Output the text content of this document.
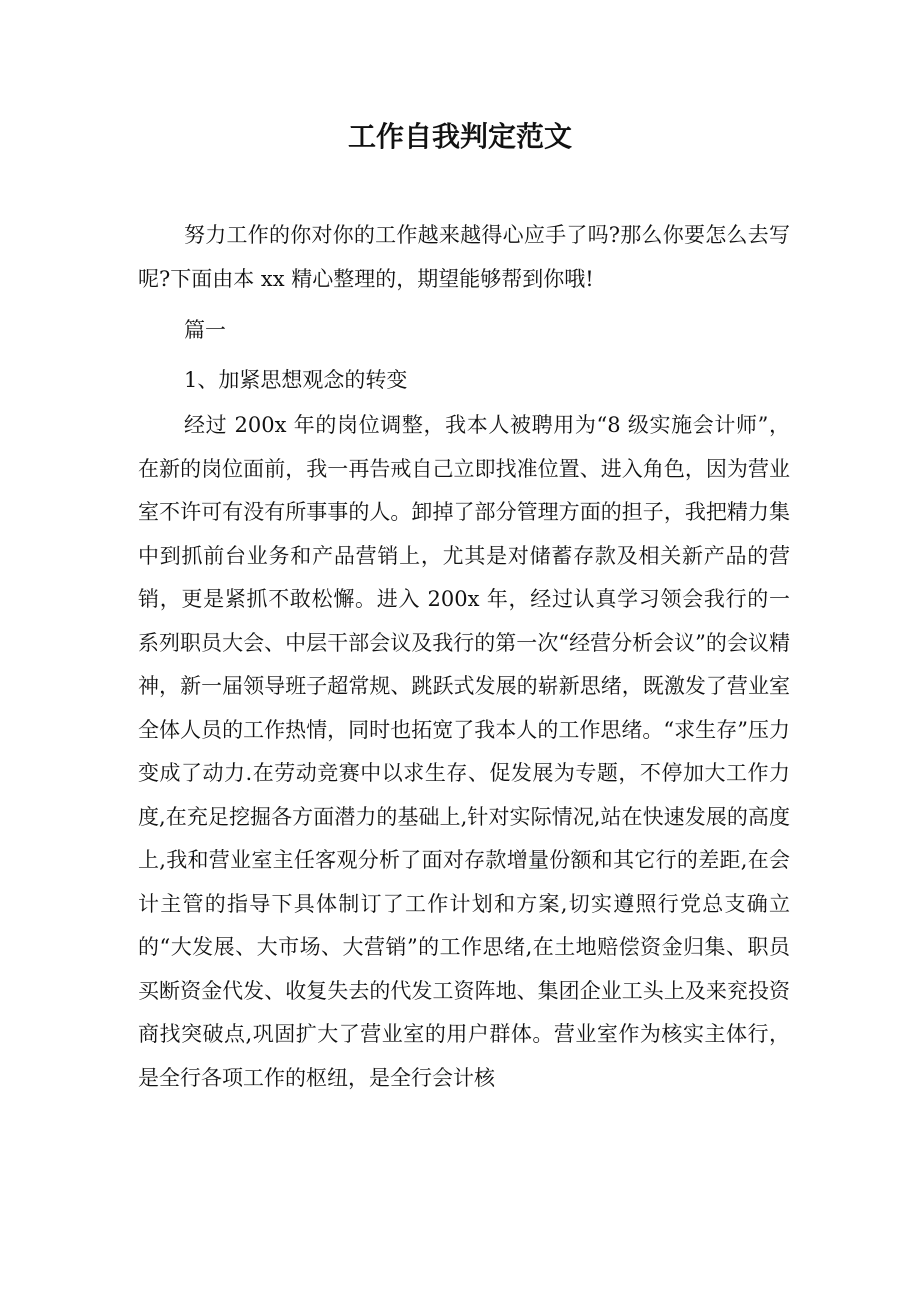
工作自我判定范文

努力工作的你对你的工作越来越得心应手了吗?那么你要怎么去写呢?下面由本 xx 精心整理的，期望能够帮到你哦!

篇一

1、加紧思想观念的转变

经过 200x 年的岗位调整，我本人被聘用为“8 级实施会计师”，在新的岗位面前，我一再告戒自己立即找准位置、进入角色，因为营业室不许可有没有所事事的人。卸掉了部分管理方面的担子，我把精力集中到抓前台业务和产品营销上，尤其是对储蓄存款及相关新产品的营销，更是紧抓不敢松懈。进入 200x 年，经过认真学习领会我行的一系列职员大会、中层干部会议及我行的第一次“经营分析会议”的会议精神，新一届领导班子超常规、跳跃式发展的崭新思绪，既激发了营业室全体人员的工作热情，同时也拓宽了我本人的工作思绪。“求生存”压力变成了动力.在劳动竞赛中以求生存、促发展为专题，不停加大工作力度,在充足挖掘各方面潜力的基础上,针对实际情况,站在快速发展的高度上,我和营业室主任客观分析了面对存款增量份额和其它行的差距,在会计主管的指导下具体制订了工作计划和方案,切实遵照行党总支确立的“大发展、大市场、大营销”的工作思绪,在土地赔偿资金归集、职员买断资金代发、收复失去的代发工资阵地、集团企业工头上及来兖投资商找突破点,巩固扩大了营业室的用户群体。营业室作为核实主体行，是全行各项工作的枢纽，是全行会计核
